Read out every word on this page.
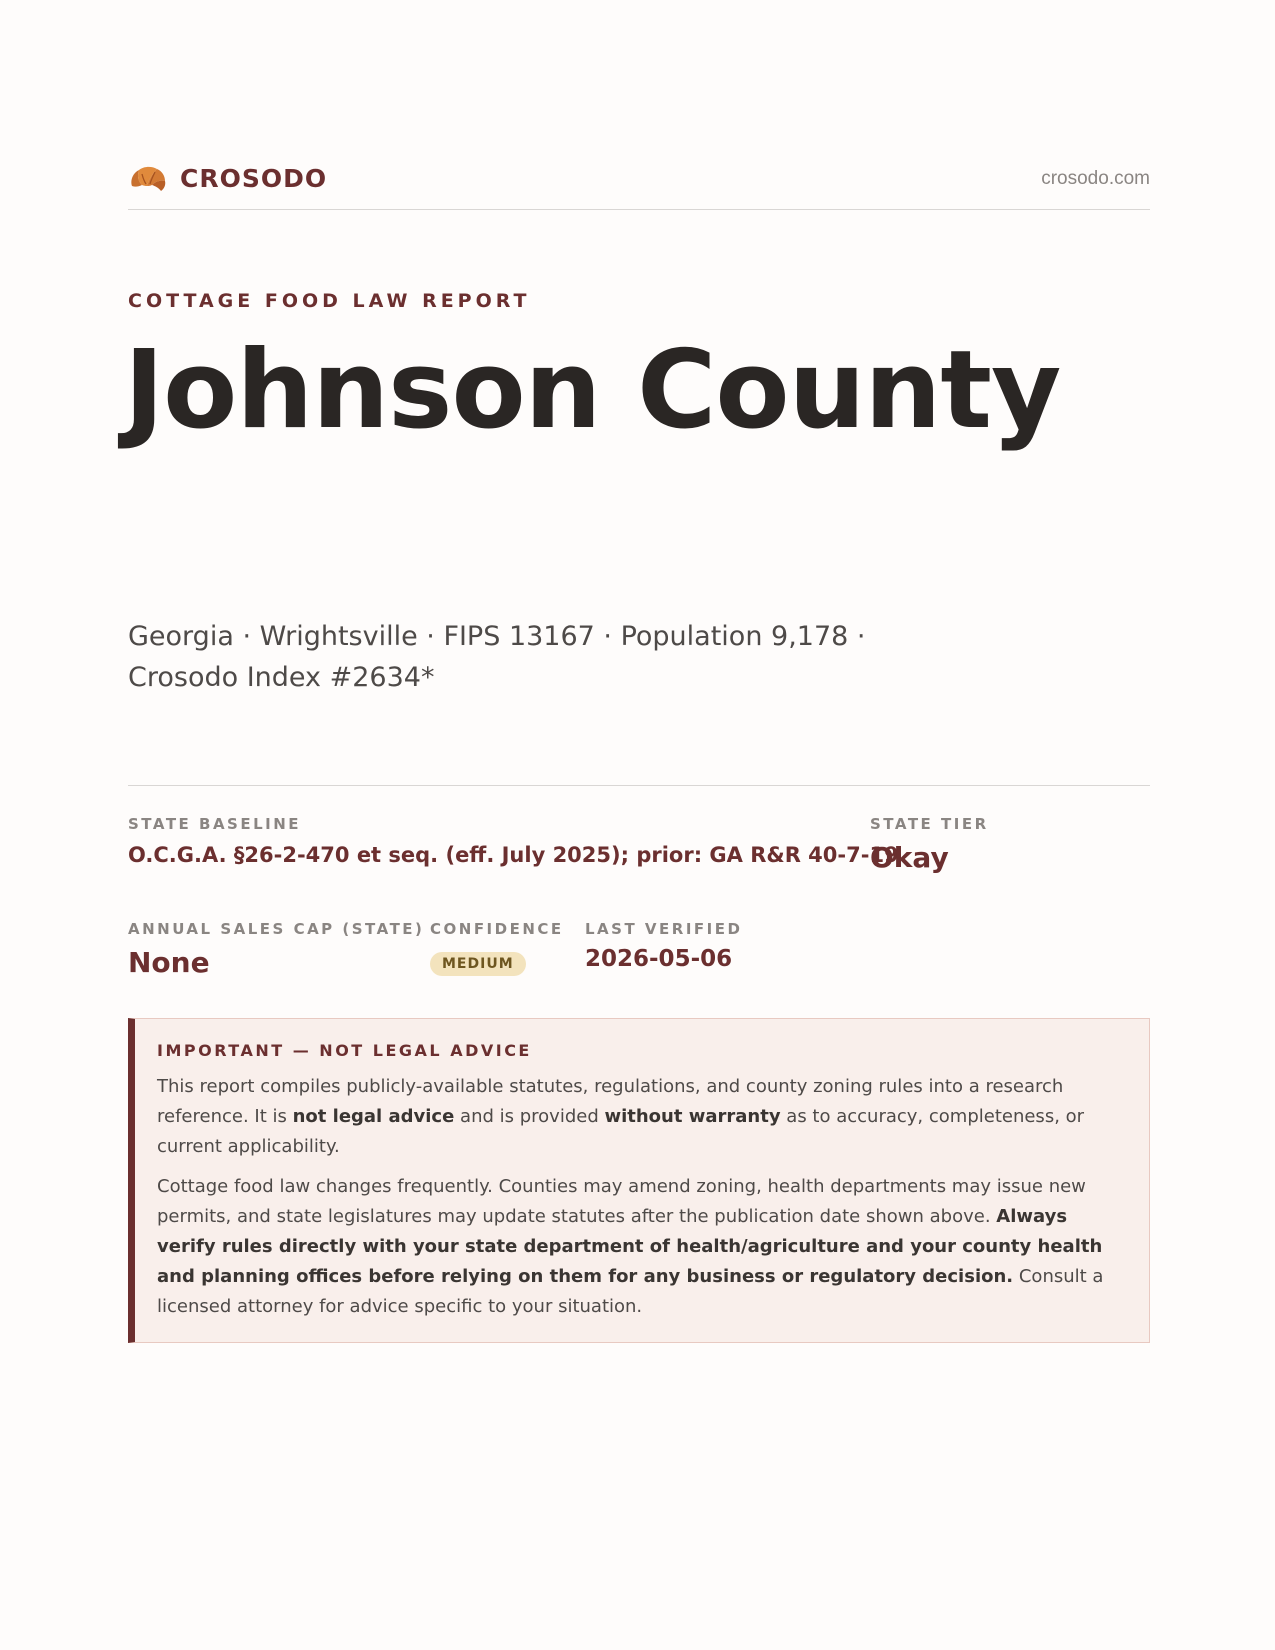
CROSODO	crosodo.com
COTTAGE FOOD LAW REPORT
Johnson County
Georgia · Wrightsville · FIPS 13167 · Population 9,178 · Crosodo Index #2634*
STATE BASELINE
O.C.G.A. §26-2-470 et seq. (eff. July 2025); prior: GA R&R 40-7-19
STATE TIER
Okay
ANNUAL SALES CAP (STATE)
None
CONFIDENCE
MEDIUM
LAST VERIFIED
2026-05-06
IMPORTANT — NOT LEGAL ADVICE

This report compiles publicly-available statutes, regulations, and county zoning rules into a research reference. It is not legal advice and is provided without warranty as to accuracy, completeness, or current applicability.

Cottage food law changes frequently. Counties may amend zoning, health departments may issue new permits, and state legislatures may update statutes after the publication date shown above. Always verify rules directly with your state department of health/agriculture and your county health and planning offices before relying on them for any business or regulatory decision. Consult a licensed attorney for advice specific to your situation.
